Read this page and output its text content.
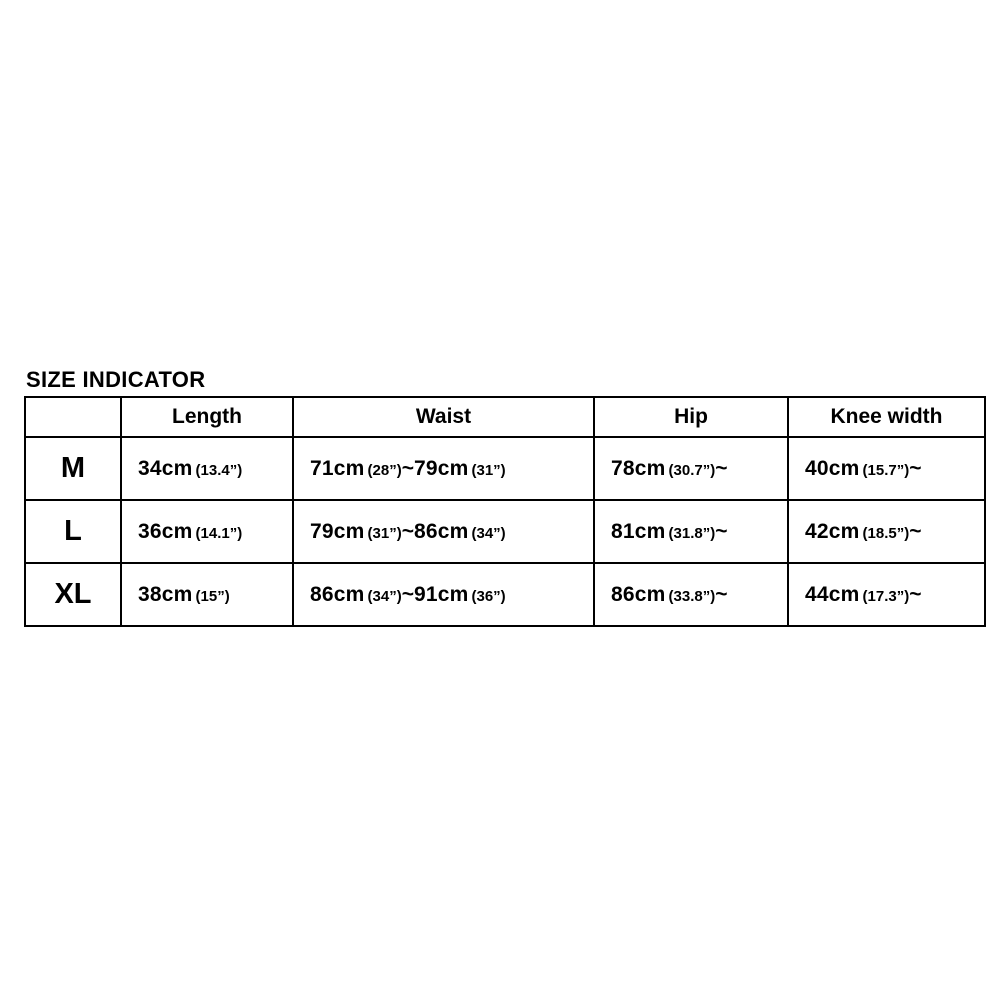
SIZE INDICATOR
	Length	Waist	Hip	Knee width
M	34cm (13.4”)	71cm (28”)~79cm (31”)	78cm (30.7”)~	40cm (15.7”)~
L	36cm (14.1”)	79cm (31”)~86cm (34”)	81cm (31.8”)~	42cm (18.5”)~
XL	38cm (15”)	86cm (34”)~91cm (36”)	86cm (33.8”)~	44cm (17.3”)~
